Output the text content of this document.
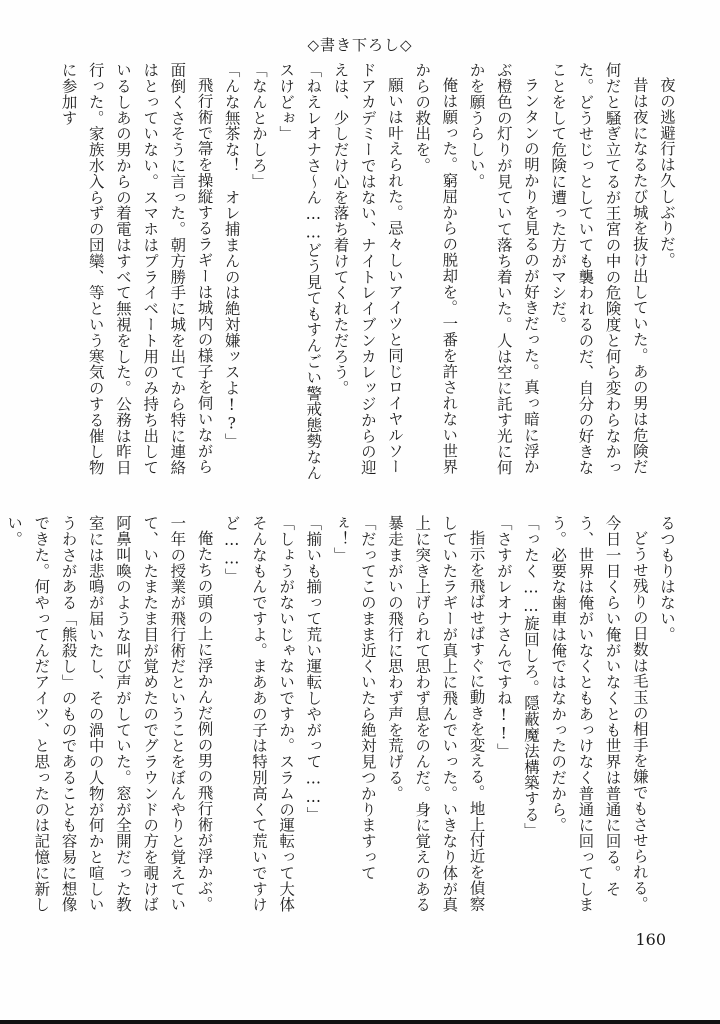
◇書き下ろし◇

夜の逃避行は久しぶりだ。

昔は夜になるたび城を抜け出していた。あの男は危険だ何だと騒ぎ立てるが王宮の中の危険度と何ら変わらなかった。どうせじっとしていても襲われるのだ、自分の好きなことをして危険に遭った方がマシだ。

ランタンの明かりを見るのが好きだった。真っ暗に浮かぶ橙色の灯りが見ていて落ち着いた。人は空に託す光に何かを願うらしい。

俺は願った。窮屈からの脱却を。一番を許されない世界からの救出を。

願いは叶えられた。忌々しいアイツと同じロイヤルソードアカデミーではない、ナイトレイブンカレッジからの迎えは、少しだけ心を落ち着けてくれただろう。

「ねえレオナさ～ん……どう見てもすんごい警戒態勢なんスけどぉ」

「なんとかしろ」

「んな無茶な！　オレ捕まんのは絶対嫌ッスよ!?」

飛行術で箒を操縦するラギーは城内の様子を伺いながら面倒くさそうに言った。朝方勝手に城を出てから特に連絡はとっていない。スマホはプライベート用のみ持ち出しているしあの男からの着電はすべて無視をした。公務は昨日行った。家族水入らずの団欒、等という寒気のする催し物に参加す

るつもりはない。

どうせ残りの日数は毛玉の相手を嫌でもさせられる。今日一日くらい俺がいなくとも世界は普通に回る。そう、世界は俺がいなくともあっけなく普通に回ってしまう。必要な歯車は俺ではなかったのだから。

「ったく……旋回しろ。隠蔽魔法構築する」

「さすがレオナさんですね!!」

指示を飛ばせばすぐに動きを変える。地上付近を偵察していたラギーが真上に飛んでいった。いきなり体が真上に突き上げられて思わず息をのんだ。身に覚えのある暴走まがいの飛行に思わず声を荒げる。

「だってこのまま近くいたら絶対見つかりますってぇ！」

「揃いも揃って荒い運転しやがって……」

「しょうがないじゃないですか。スラムの運転って大体そんなもんですよ。まああの子は特別高くて荒いですけど……」

俺たちの頭の上に浮かんだ例の男の飛行術が浮かぶ。一年の授業が飛行術だということをぼんやりと覚えていて、いたまたま目が覚めたのでグラウンドの方を覗けば阿鼻叫喚のような叫び声がしていた。窓が全開だった教室には悲鳴が届いたし、その渦中の人物が何かと喧しいうわさがある「熊殺し」のものであることも容易に想像できた。何やってんだアイツ、と思ったのは記憶に新しい。

160
